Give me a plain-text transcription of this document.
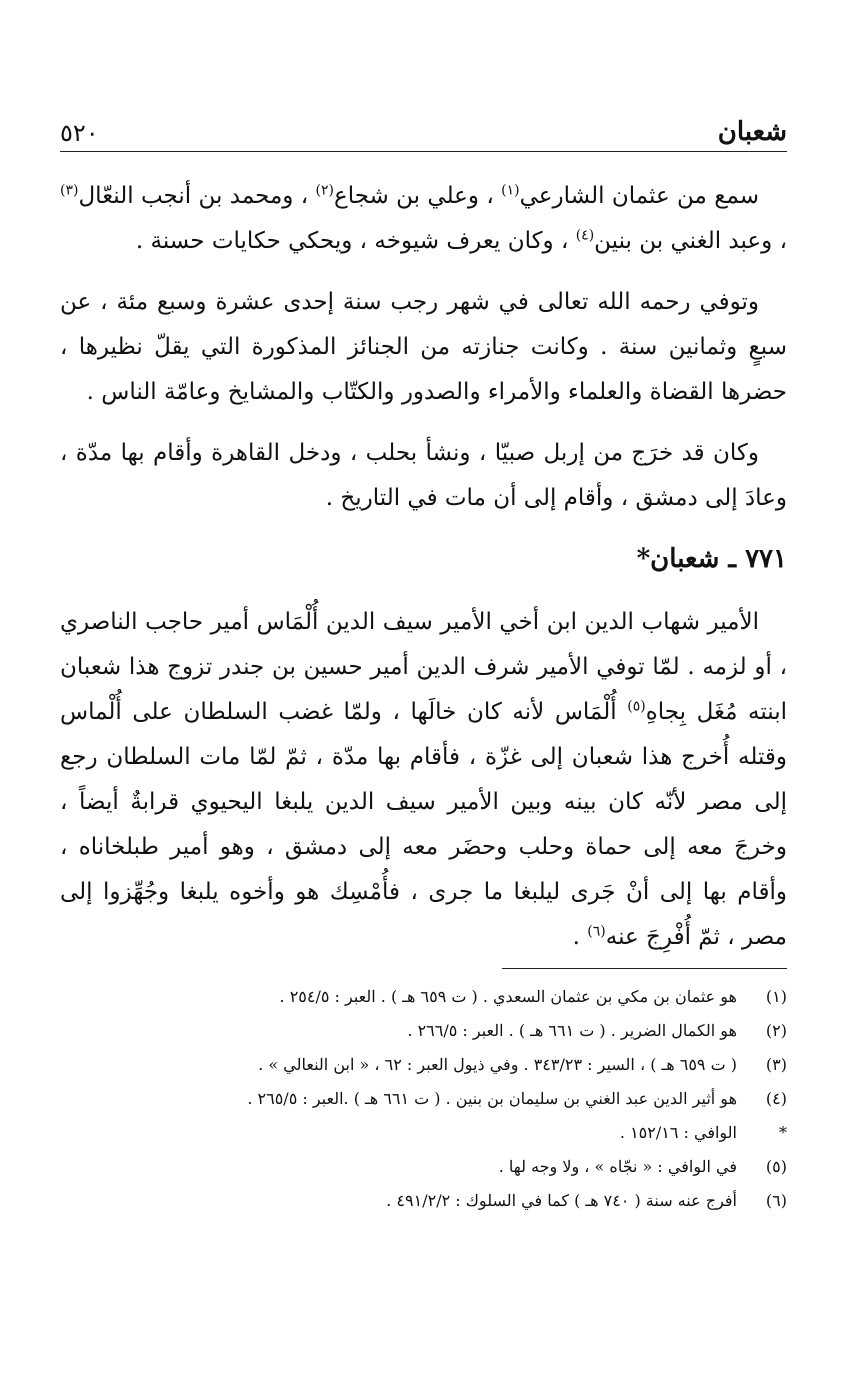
شعبان
٥٢٠

سمع من عثمان الشارعي$^{(١)}$ ، وعلي بن شجاع$^{(٢)}$ ، ومحمد بن أنجب النعّال$^{(٣)}$ ، وعبد الغني بن بنين$^{(٤)}$ ، وكان يعرف شيوخه ، ويحكي حكايات حسنة .

وتوفي رحمه الله تعالى في شهر رجب سنة إحدى عشرة وسبع مئة ، عن سبعٍ وثمانين سنة . وكانت جنازته من الجنائز المذكورة التي يقلّ نظيرها ، حضرها القضاة والعلماء والأمراء والصدور والكتّاب والمشايخ وعامّة الناس .

وكان قد خرَج من إربل صبيّا ، ونشأ بحلب ، ودخل القاهرة وأقام بها مدّة ، وعادَ إلى دمشق ، وأقام إلى أن مات في التاريخ .

٧٧١ ـ شعبان*

الأمير شهاب الدين ابن أخي الأمير سيف الدين أُلْمَاس أمير حاجب الناصري ، أو لزمه . لمّا توفي الأمير شرف الدين أمير حسين بن جندر تزوج هذا شعبان ابنته مُغَل بِجاهِ$^{(٥)}$ أُلْمَاس لأنه كان خالَها ، ولمّا غضب السلطان على أُلْماس وقتله أُخرج هذا شعبان إلى غزّة ، فأقام بها مدّة ، ثمّ لمّا مات السلطان رجع إلى مصر لأنّه كان بينه وبين الأمير سيف الدين يلبغا اليحيوي قرابةٌ أيضاً ، وخرجَ معه إلى حماة وحلب وحضَر معه إلى دمشق ، وهو أمير طبلخاناه ، وأقام بها إلى أنْ جَرى ليلبغا ما جرى ، فأُمْسِك هو وأخوه يلبغا وجُهِّزوا إلى مصر ، ثمّ أُفْرِجَ عنه$^{(٦)}$ .

(١)
هو عثمان بن مكي بن عثمان السعدي . ( ت ٦٥٩ هـ ) . العبر : ٢٥٤/٥ .
(٢)
هو الكمال الضرير . ( ت ٦٦١ هـ ) . العبر : ٢٦٦/٥ .
(٣)
( ت ٦٥٩ هـ ) ، السير : ٣٤٣/٢٣ . وفي ذيول العبر : ٦٢ ، « ابن النعالي » .
(٤)
هو أثير الدين عبد الغني بن سليمان بن بنين . ( ت ٦٦١ هـ ) .العبر : ٢٦٥/٥ .
*
الوافي : ١٥٢/١٦ .
(٥)
في الوافي : « نجّاه » ، ولا وجه لها .
(٦)
أفرج عنه سنة ( ٧٤٠ هـ ) كما في السلوك : ٤٩١/٢/٢ .
